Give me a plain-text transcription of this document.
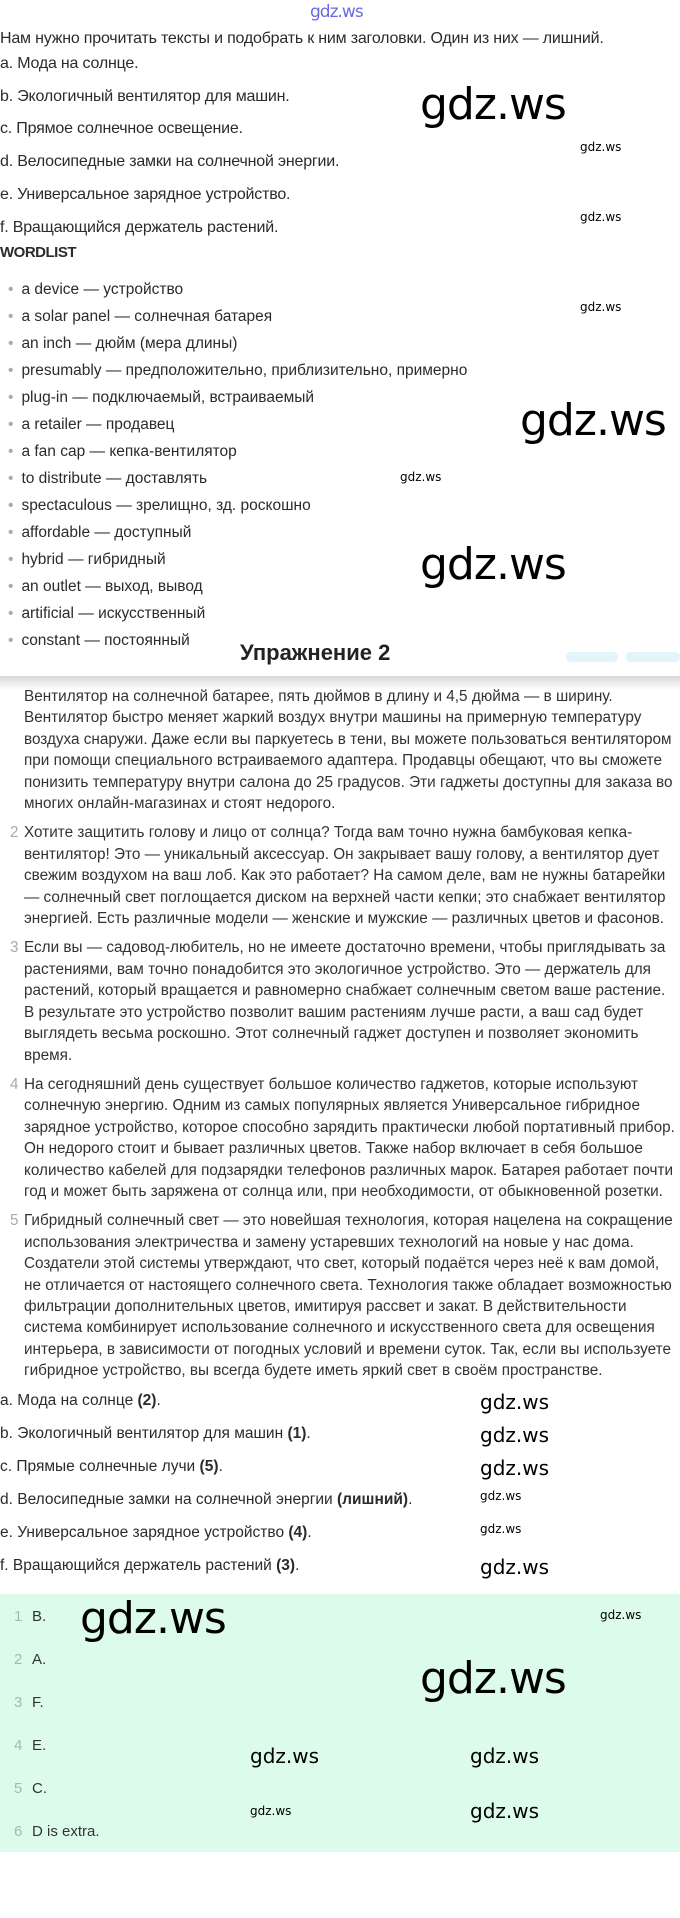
gdz.ws
Нам нужно прочитать тексты и подобрать к ним заголовки. Один из них — лишний.
a. Мода на солнце.
b. Экологичный вентилятор для машин.
c. Прямое солнечное освещение.
d. Велосипедные замки на солнечной энергии.
e. Универсальное зарядное устройство.
f. Вращающийся держатель растений.
WORDLIST
• a device — устройство
• a solar panel — солнечная батарея
• an inch — дюйм (мера длины)
• presumably — предположительно, приблизительно, примерно
• plug-in — подключаемый, встраиваемый
• a retailer — продавец
• a fan cap — кепка-вентилятор
• to distribute — доставлять
• spectaculous — зрелищно, зд. роскошно
• affordable — доступный
• hybrid — гибридный
• an outlet — выход, вывод
• artificial — искусственный
• constant — постоянный Упражнение 2
gdz.ws
gdz.ws
gdz.ws
gdz.ws
gdz.ws
gdz.ws
gdz.ws
Вентилятор на солнечной батарее, пять дюймов в длину и 4,5 дюйма — в ширину. Вентилятор быстро меняет жаркий воздух внутри машины на примерную температуру воздуха снаружи. Даже если вы паркуетесь в тени, вы можете пользоваться вентилятором при помощи специального встраиваемого адаптера. Продавцы обещают, что вы сможете понизить температуру внутри салона до 25 градусов. Эти гаджеты доступны для заказа во многих онлайн-магазинах и стоят недорого.
2 Хотите защитить голову и лицо от солнца? Тогда вам точно нужна бамбуковая кепка-вентилятор! Это — уникальный аксессуар. Он закрывает вашу голову, а вентилятор дует свежим воздухом на ваш лоб. Как это работает? На самом деле, вам не нужны батарейки — солнечный свет поглощается диском на верхней части кепки; это снабжает вентилятор энергией. Есть различные модели — женские и мужские — различных цветов и фасонов.
3 Если вы — садовод-любитель, но не имеете достаточно времени, чтобы приглядывать за растениями, вам точно понадобится это экологичное устройство. Это — держатель для растений, который вращается и равномерно снабжает солнечным светом ваше растение. В результате это устройство позволит вашим растениям лучше расти, а ваш сад будет выглядеть весьма роскошно. Этот солнечный гаджет доступен и позволяет экономить время.
4 На сегодняшний день существует большое количество гаджетов, которые используют солнечную энергию. Одним из самых популярных является Универсальное гибридное зарядное устройство, которое способно зарядить практически любой портативный прибор. Он недорого стоит и бывает различных цветов. Также набор включает в себя большое количество кабелей для подзарядки телефонов различных марок. Батарея работает почти год и может быть заряжена от солнца или, при необходимости, от обыкновенной розетки.
5 Гибридный солнечный свет — это новейшая технология, которая нацелена на сокращение использования электричества и замену устаревших технологий на новые у нас дома. Создатели этой системы утверждают, что свет, который подаётся через неё к вам домой, не отличается от настоящего солнечного света. Технология также обладает возможностью фильтрации дополнительных цветов, имитируя рассвет и закат. В действительности система комбинирует использование солнечного и искусственного света для освещения интерьера, в зависимости от погодных условий и времени суток. Так, если вы используете гибридное устройство, вы всегда будете иметь яркий свет в своём пространстве.
a. Мода на солнце (2).	gdz.ws
b. Экологичный вентилятор для машин (1).	gdz.ws
c. Прямые солнечные лучи (5).	gdz.ws
d. Велосипедные замки на солнечной энергии (лишний).	gdz.ws
e. Универсальное зарядное устройство (4).	gdz.ws
f. Вращающийся держатель растений (3).	gdz.ws
1 B.
2 A.
3 F.
4 E.
5 C.
6 D is extra.
gdz.ws
gdz.ws
gdz.ws
gdz.ws	gdz.ws
gdz.ws	gdz.ws
